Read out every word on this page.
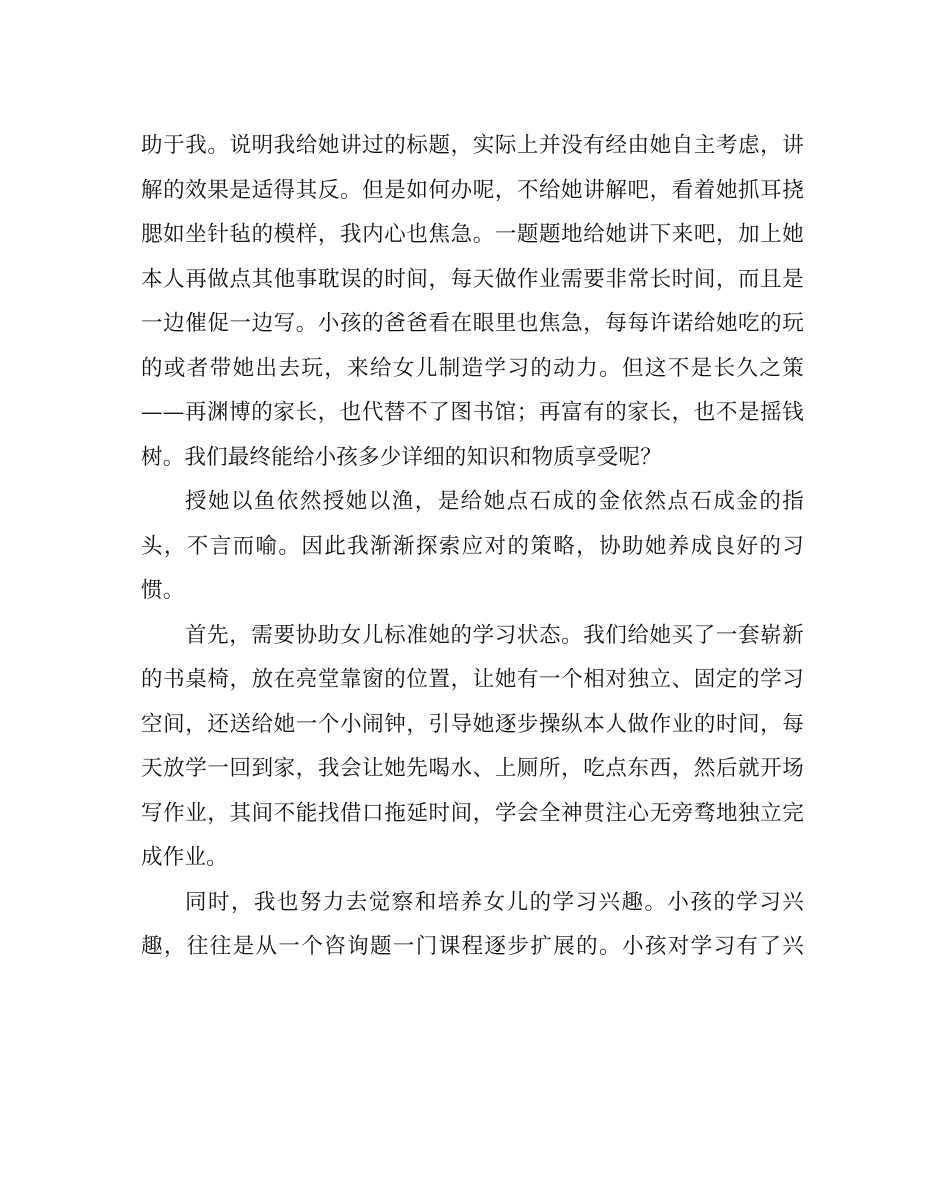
助于我。说明我给她讲过的标题，实际上并没有经由她自主考虑，讲
解的效果是适得其反。但是如何办呢，不给她讲解吧，看着她抓耳挠
腮如坐针毡的模样，我内心也焦急。一题题地给她讲下来吧，加上她
本人再做点其他事耽误的时间，每天做作业需要非常长时间，而且是
一边催促一边写。小孩的爸爸看在眼里也焦急，每每许诺给她吃的玩
的或者带她出去玩，来给女儿制造学习的动力。但这不是长久之策
——再渊博的家长，也代替不了图书馆；再富有的家长，也不是摇钱
树。我们最终能给小孩多少详细的知识和物质享受呢？
授她以鱼依然授她以渔，是给她点石成的金依然点石成金的指
头，不言而喻。因此我渐渐探索应对的策略，协助她养成良好的习
惯。
首先，需要协助女儿标准她的学习状态。我们给她买了一套崭新
的书桌椅，放在亮堂靠窗的位置，让她有一个相对独立、固定的学习
空间，还送给她一个小闹钟，引导她逐步操纵本人做作业的时间，每
天放学一回到家，我会让她先喝水、上厕所，吃点东西，然后就开场
写作业，其间不能找借口拖延时间，学会全神贯注心无旁骛地独立完
成作业。
同时，我也努力去觉察和培养女儿的学习兴趣。小孩的学习兴
趣，往往是从一个咨询题一门课程逐步扩展的。小孩对学习有了兴
